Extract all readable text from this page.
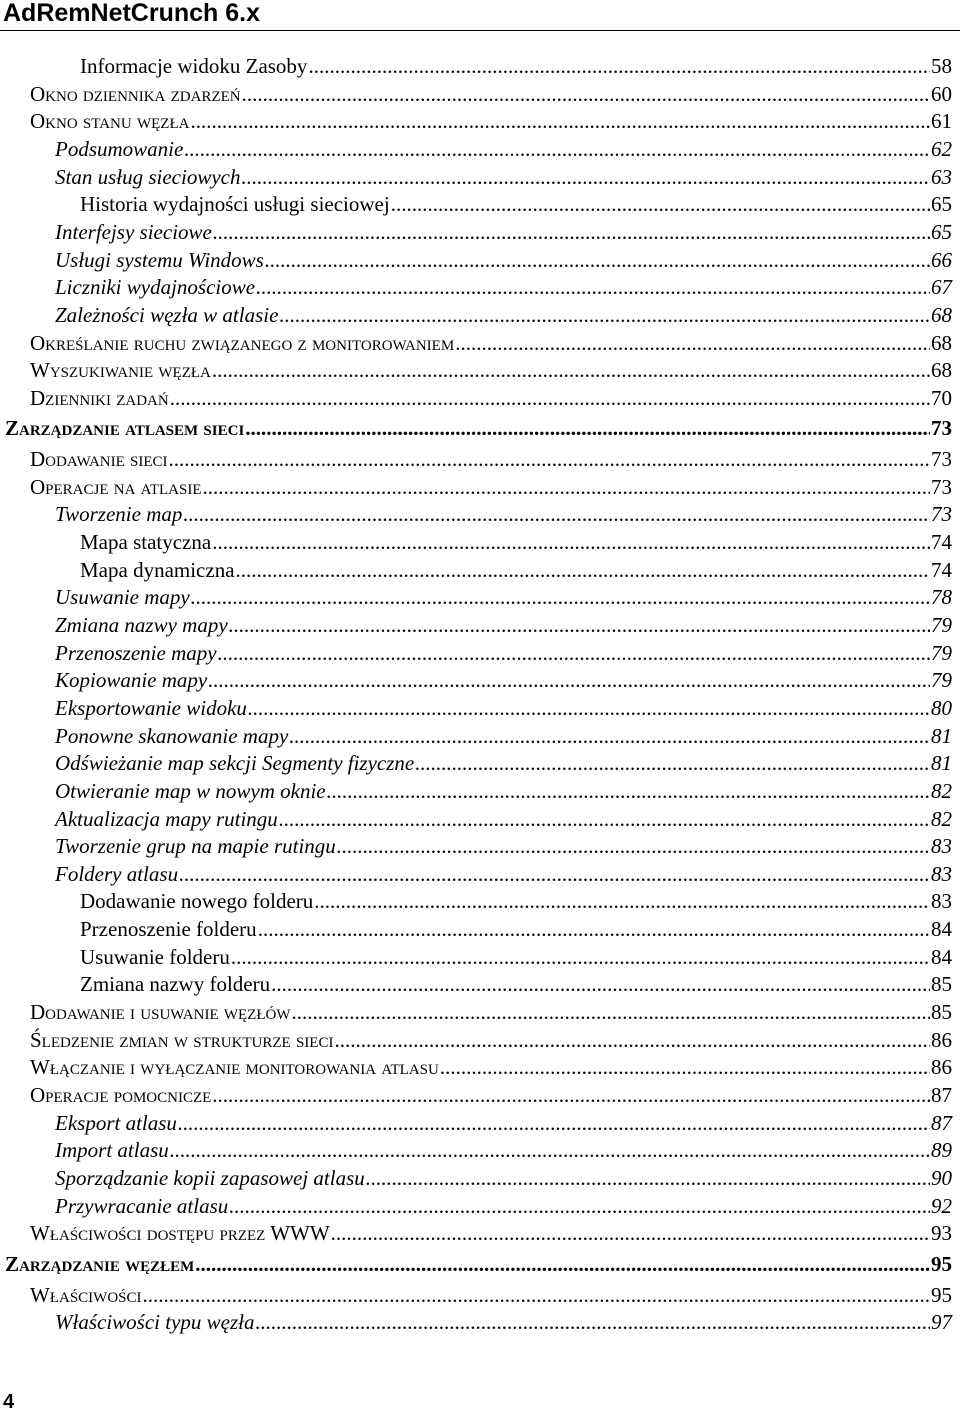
AdRemNetCrunch 6.x
Informacje widoku Zasoby .....	58
Okno dziennika zdarzeń .....	60
Okno stanu węzła .....	61
Podsumowanie .....	62
Stan usług sieciowych .....	63
Historia wydajności usługi sieciowej .....	65
Interfejsy sieciowe .....	65
Usługi systemu Windows .....	66
Liczniki wydajnościowe .....	67
Zależności węzła w atlasie .....	68
Określanie ruchu związanego z monitorowaniem .....	68
Wyszukiwanie węzła .....	68
Dzienniki zadań .....	70
Zarządzanie atlasem sieci .....	73
Dodawanie sieci .....	73
Operacje na atlasie .....	73
Tworzenie map .....	73
Mapa statyczna .....	74
Mapa dynamiczna .....	74
Usuwanie mapy .....	78
Zmiana nazwy mapy .....	79
Przenoszenie mapy .....	79
Kopiowanie mapy .....	79
Eksportowanie widoku .....	80
Ponowne skanowanie mapy .....	81
Odświeżanie map sekcji Segmenty fizyczne .....	81
Otwieranie map w nowym oknie .....	82
Aktualizacja mapy rutingu .....	82
Tworzenie grup na mapie rutingu .....	83
Foldery atlasu .....	83
Dodawanie nowego folderu .....	83
Przenoszenie folderu .....	84
Usuwanie folderu .....	84
Zmiana nazwy folderu .....	85
Dodawanie i usuwanie węzłów .....	85
Śledzenie zmian w strukturze sieci .....	86
Włączanie i wyłączanie monitorowania atlasu .....	86
Operacje pomocnicze .....	87
Eksport atlasu .....	87
Import atlasu .....	89
Sporządzanie kopii zapasowej atlasu .....	90
Przywracanie atlasu .....	92
Właściwości dostępu przez WWW .....	93
Zarządzanie węzłem .....	95
Właściwości .....	95
Właściwości typu węzła .....	97
4
